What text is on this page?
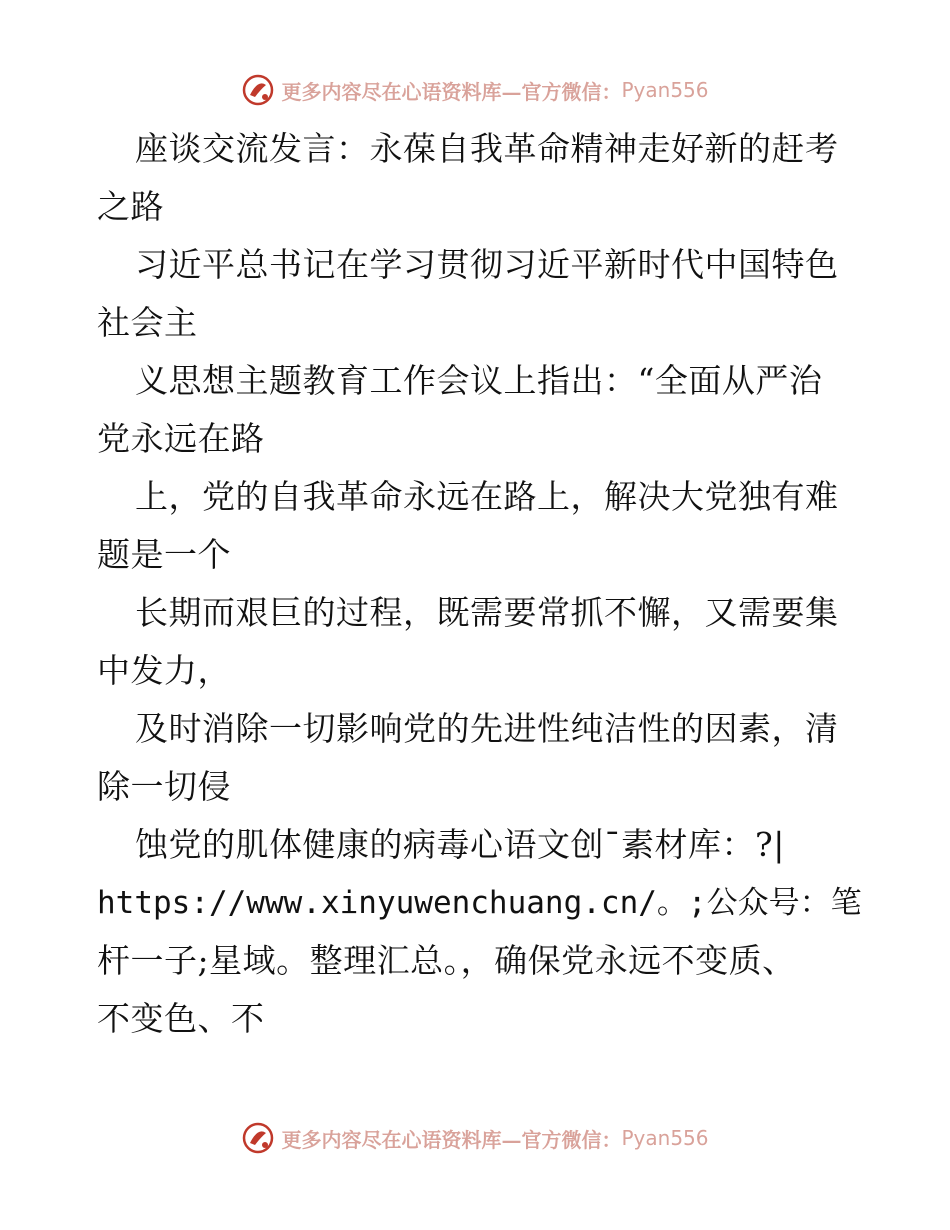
更多内容尽在心语资料库—官方微信： Pyan556
座谈交流发言：永葆自我革命精神走好新的赶考
之路
习近平总书记在学习贯彻习近平新时代中国特色
社会主
义思想主题教育工作会议上指出：“全面从严治
党永远在路
上，党的自我革命永远在路上，解决大党独有难
题是一个
长期而艰巨的过程，既需要常抓不懈，又需要集
中发力，
及时消除一切影响党的先进性纯洁性的因素，清
除一切侵
蚀党的肌体健康的病毒心语文创¯素材库：?|
https://www.xinyuwenchuang.cn/。;公众号：笔
杆一子;星域。整理汇总。，确保党永远不变质、
不变色、不
更多内容尽在心语资料库—官方微信： Pyan556
